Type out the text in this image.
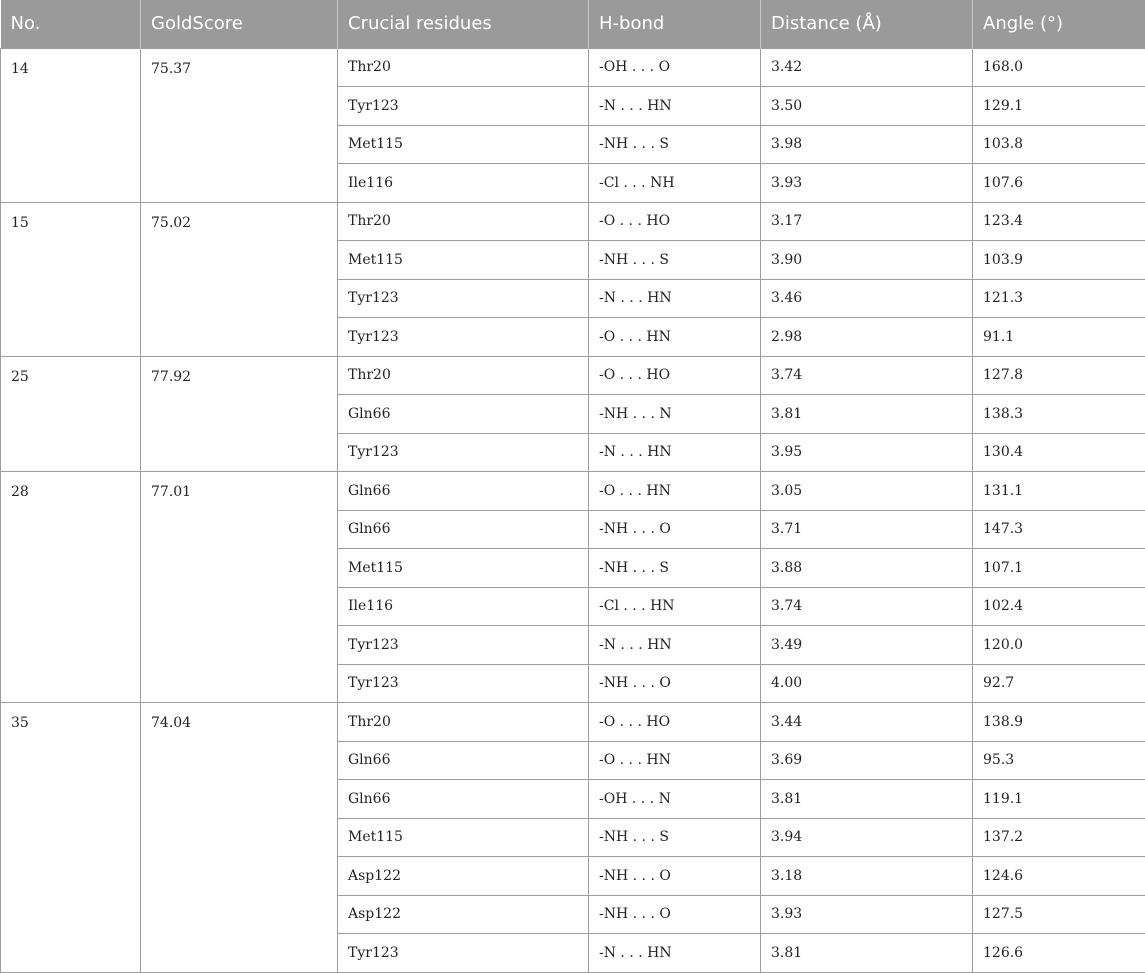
No.	GoldScore	Crucial residues	H-bond	Distance (Å)	Angle (°)
14	75.37	Thr20	-OH . . . O	3.42	168.0
		Tyr123	-N . . . HN	3.50	129.1
		Met115	-NH . . . S	3.98	103.8
		Ile116	-Cl . . . NH	3.93	107.6
15	75.02	Thr20	-O . . . HO	3.17	123.4
		Met115	-NH . . . S	3.90	103.9
		Tyr123	-N . . . HN	3.46	121.3
		Tyr123	-O . . . HN	2.98	91.1
25	77.92	Thr20	-O . . . HO	3.74	127.8
		Gln66	-NH . . . N	3.81	138.3
		Tyr123	-N . . . HN	3.95	130.4
28	77.01	Gln66	-O . . . HN	3.05	131.1
		Gln66	-NH . . . O	3.71	147.3
		Met115	-NH . . . S	3.88	107.1
		Ile116	-Cl . . . HN	3.74	102.4
		Tyr123	-N . . . HN	3.49	120.0
		Tyr123	-NH . . . O	4.00	92.7
35	74.04	Thr20	-O . . . HO	3.44	138.9
		Gln66	-O . . . HN	3.69	95.3
		Gln66	-OH . . . N	3.81	119.1
		Met115	-NH . . . S	3.94	137.2
		Asp122	-NH . . . O	3.18	124.6
		Asp122	-NH . . . O	3.93	127.5
		Tyr123	-N . . . HN	3.81	126.6
